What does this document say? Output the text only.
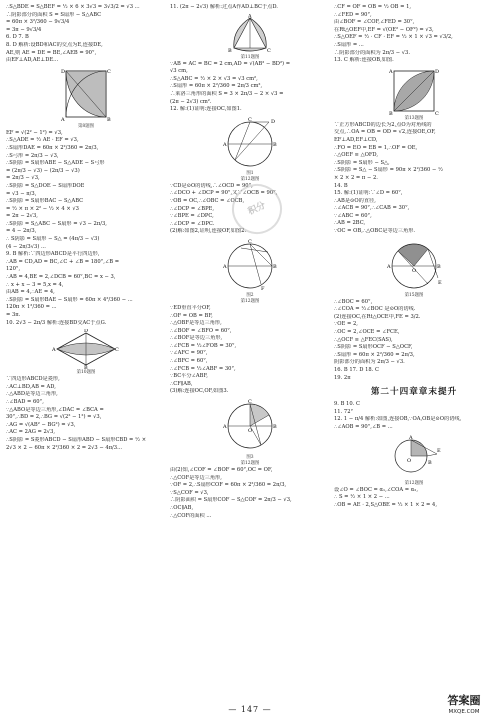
∴S△BDE = S△BEF = ½ × 6 × 3√3 = 3√3/2 = √3 ...
∴阴影部分的面积 S = S扇形 − S△ABC
= 60π × 3²/360 − 9√3/4
= 3π − 9√3/4
6. D 7. B
8. D 解析:设BD和AC的交点为E,连接DE,
AE,则 AE = DE = BE,∠AEB = 90°,
由EF⊥AD,AE⊥DE...
D	C
A	B
第8题图
EF = √(2² − 1²) = √3,
∴S△ADE = ½ AE · EF = √3,
∴S扇形DAE = 60π × 2²/360 = 2π/3,
∴S弓形 = 2π/3 − √3,
∴S阴影 = S扇形ABE − S△ADE − S弓形
= (2π/3 − √3) − (2π/3 − √3)
= 2π/3 − √3,
∴S阴影 = S△DOE − S扇形DOE
= √3 − π/3,
∴S阴影 = S扇形BAC − S△ABC
= ½ × π × 2² − ½ × 4 × √3
= 2π − 2√3,
∴S阴影 = S△ABC − S扇形 = √3 − 2π/3,
= 4 − 2π/3,
∴ S阴影 = S扇形 − S△ = (4π/3 − √3)
(4 − 2π/3√3) ...
9. B 解析:∵四边形ABCD是平行四边形,
∴AB = CD,AD = BC,∠C + ∠B = 180°,∠B =
120°,
∴AB = 4,BE = 2,∠DCB = 60°,BC = x − 3,
∴ x + x − 3 = 5,x = 4,
由AB = 4,∴AE = 4,
∴S阴影 = S扇形BAE − S扇形 = 60π × 4²/360 − ...
120π × 1²/360 = ...
= 3π.
10. 2√3 − 2π/3 解析:连接BD交AC于点G.
A	C
D
B
第10题图
∵四边形ABCD是菱形,
∴AC⊥BD,AB = AD,
∴△ABD是等边三角形,
∴∠BAD = 60°,
∵△ABO是等边三角形,∠DAC = ∠BCA =
30°,∴BD = 2,∴BG = √(2² − 1²) = √3,
∴AG = √(AB² − BG²) = √3,
∴AC = 2AG = 2√3,
∴S阴影 = S菱形ABCD − S扇形ABD − S扇形CBD = ½ ×
2√3 × 2 − 60π × 2²/360 × 2 = 2√3 − 4π/3...
11. (2π − 2√3) 解析:过点A作AD⊥BC于点D.
A
B	C
第11题图
∵AB = AC = BC = 2 cm,AD = √(AB² − BD²) =
√3 cm,
∴S△ABC = ½ × 2 × √3 = √3 cm²,
∴S扇形 = 60π × 2²/360 = 2π/3 cm²,
∴莱洛三角形的面积 S = 3 × 2π/3 − 2 × √3 =
(2π − 2√3) cm².
12. 解:(1)证明:连接OC,如图1.
A	B
C	D
图1
第12题图
∵CD是⊙O的切线,∴∠OCD = 90°,
∴∠DCO + ∠DCP = 90°,又∵∠OCB = 90°,
∵OB = OC,∴∠OBC = ∠OCB,
∴∠DCP = ∠BPE,
∵∠BPE = ∠DPC,
∴∠DCP = ∠DPC.
(2)解:如图2,证明,连接OF,如图2.
A	B
C
F
图2
第12题图
∵ED垂直平分OF,
∴OF = OB = BF,
∴△OBF是等边三角形,
∴∠BOF = ∠BFO = 60°,
∴∠BOF是等边三角形,
∴∠FCB = ½∠FOB = 30°,
∵∠AFC = 90°,
∴∠BFC = 60°,
∴∠FCB = ½∠ABF = 30°,
∵BC平分∠ABF,
∴CF∥AB,
(3)解:连接OC,OF,如图3.
A	B
C
O
图3
第12题图
由(2)知,∠COF = ∠BOF = 60°,OC = OF,
∴△COF是等边三角形,
∵OF = 2,∴S扇形COF = 60π × 2²/360 = 2π/3,
∵S△COF = √3,
∴阴影面积 = S扇形COF − S△COF = 2π/3 − √3,
∴OC∥AB,
∴△COF的面积 ...
∴CF = OF = OB = ½ OB = 1,
∴∠FED = 90°,
由∠BOF = ∠COF,∠FED = 30°,
在Rt△OEF中,EF = √(OE² − OF²) = √3,
∴S△OEF = ½ · CF · EF = ½ × 1 × √3 = √3/2,
∴S扇形 = ...
∴阴影部分的面积为 2π/3 − √3.
13. C 解析:连接OB,如图.
A	D
B	C
第13题图
∵正方形ABCD的边长为2,点O为对角线的
交点,∴OA = OB = OD = √2,连接OE,OF,
EF⊥AD,EF⊥CD,
∴FO = EO = EB = 1,∴OF = OE,
∴△OEF ≌ △OFD,
∴S阴影 = S扇形 − S△,
∴S阴影 = S△ − S扇形 = 90π × 2²/360 − ½
× 2 × 2 = π − 2.
14. B
15. 解:(1)证明:∵∠D = 60°,
∴AB是⊙O的直径,
∴∠ACB = 90°,∴∠CAB = 30°,
∵∠ABC = 60°,
∴AB = 2BC,
∵OC = OB,∴△OBC是等边三角形.
A	B
O
E
第15题图
∴∠BOC = 60°,
∴∠COA = ½∠BOC 是⊙O的切线.
(2)连接OC,在Rt△OCE中,FE = 3/2.
∵OE = 2,
∴OC = 2,∠OCE = ∠FCE,
∴△OCF ≌ △FEC(SAS),
∴S阴影 = S扇形OCF − S△OCF,
∴S扇形 = 60π × 2²/360 = 2π/3,
阴影部分的面积为 2π/3 − √3.
16. B 17. D 18. C
19. 2π
第二十四章章末提升
9. B 10. C
11. 72°
12. 1 − π/4 解析:如图,连接OB,∵OA,OB是⊙O的切线,
∴∠AOB = 90°,∠B = ...
O
A
B
E
第12题图
设∠O = ∠BOC = α₁,∠COA = α₂,
∴ S = ½ × 1 × 2 − ...
∴OB = AE · 2,S△OBE = ½ × 1 × 2 = 4,
积分
— 147 —
答案圈
MXQE.COM
